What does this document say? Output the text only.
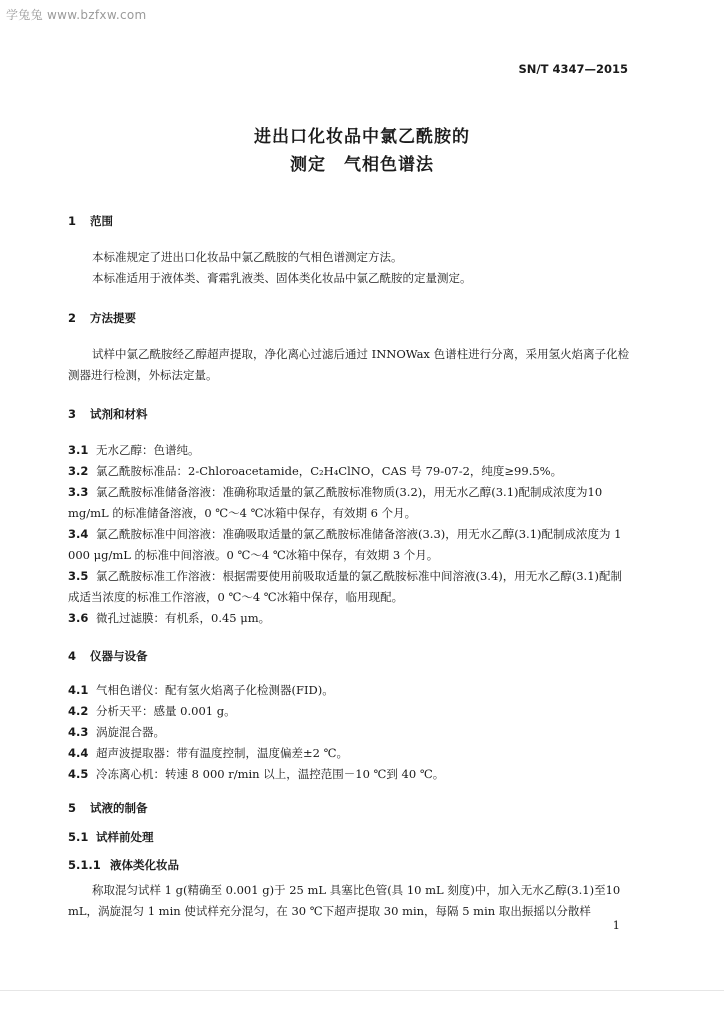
学兔兔 www.bzfxw.com
SN/T 4347—2015
进出口化妆品中氯乙酰胺的
测定　气相色谱法
1 范围
本标准规定了进出口化妆品中氯乙酰胺的气相色谱测定方法。
本标准适用于液体类、膏霜乳液类、固体类化妆品中氯乙酰胺的定量测定。
2 方法提要
试样中氯乙酰胺经乙醇超声提取，净化离心过滤后通过 INNOWax 色谱柱进行分离，采用氢火焰离子化检测器进行检测，外标法定量。
3 试剂和材料
3.1 无水乙醇：色谱纯。
3.2 氯乙酰胺标准品：2-Chloroacetamide，C₂H₄ClNO，CAS 号 79-07-2，纯度≥99.5%。
3.3 氯乙酰胺标准储备溶液：准确称取适量的氯乙酰胺标准物质(3.2)，用无水乙醇(3.1)配制成浓度为10 mg/mL 的标准储备溶液，0 ℃～4 ℃冰箱中保存，有效期 6 个月。
3.4 氯乙酰胺标准中间溶液：准确吸取适量的氯乙酰胺标准储备溶液(3.3)，用无水乙醇(3.1)配制成浓度为 1 000 μg/mL 的标准中间溶液。0 ℃～4 ℃冰箱中保存，有效期 3 个月。
3.5 氯乙酰胺标准工作溶液：根据需要使用前吸取适量的氯乙酰胺标准中间溶液(3.4)，用无水乙醇(3.1)配制成适当浓度的标准工作溶液，0 ℃～4 ℃冰箱中保存，临用现配。
3.6 微孔过滤膜：有机系，0.45 μm。
4 仪器与设备
4.1 气相色谱仪：配有氢火焰离子化检测器(FID)。
4.2 分析天平：感量 0.001 g。
4.3 涡旋混合器。
4.4 超声波提取器：带有温度控制，温度偏差±2 ℃。
4.5 冷冻离心机：转速 8 000 r/min 以上，温控范围－10 ℃到 40 ℃。
5 试液的制备
5.1 试样前处理
5.1.1 液体类化妆品
称取混匀试样 1 g(精确至 0.001 g)于 25 mL 具塞比色管(具 10 mL 刻度)中，加入无水乙醇(3.1)至10 mL，涡旋混匀 1 min 使试样充分混匀，在 30 ℃下超声提取 30 min，每隔 5 min 取出振摇以分散样
1
